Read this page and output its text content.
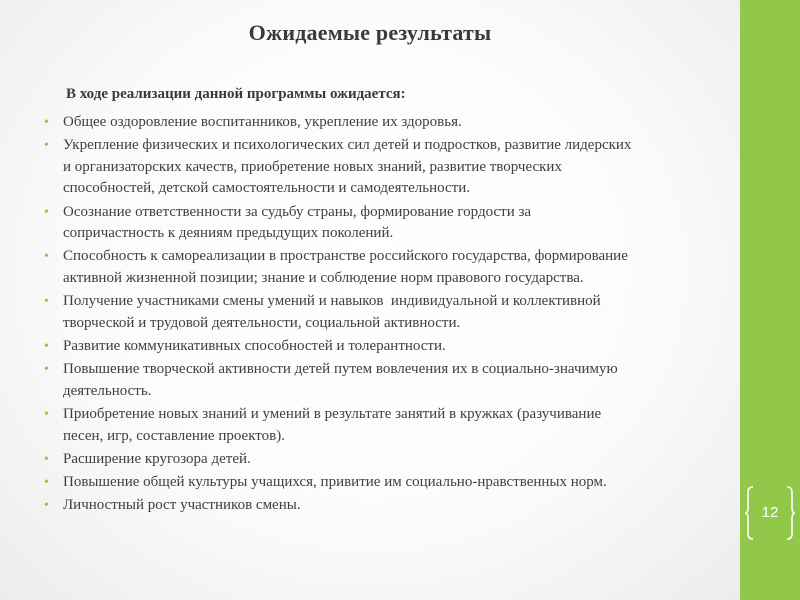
Ожидаемые результаты
В ходе реализации данной программы ожидается:
• Общее оздоровление воспитанников, укрепление их здоровья.
• Укрепление физических и психологических сил детей и подростков, развитие лидерских
и организаторских качеств, приобретение новых знаний, развитие творческих
способностей, детской самостоятельности и самодеятельности.
• Осознание ответственности за судьбу страны, формирование гордости за
сопричастность к деяниям предыдущих поколений.
• Способность к самореализации в пространстве российского государства, формирование
активной жизненной позиции; знание и соблюдение норм правового государства.
• Получение участниками смены умений и навыков  индивидуальной и коллективной
творческой и трудовой деятельности, социальной активности.
• Развитие коммуникативных способностей и толерантности.
• Повышение творческой активности детей путем вовлечения их в социально-значимую
деятельность.
• Приобретение новых знаний и умений в результате занятий в кружках (разучивание
песен, игр, составление проектов).
• Расширение кругозора детей.
• Повышение общей культуры учащихся, привитие им социально-нравственных норм.
• Личностный рост участников смены.	12
